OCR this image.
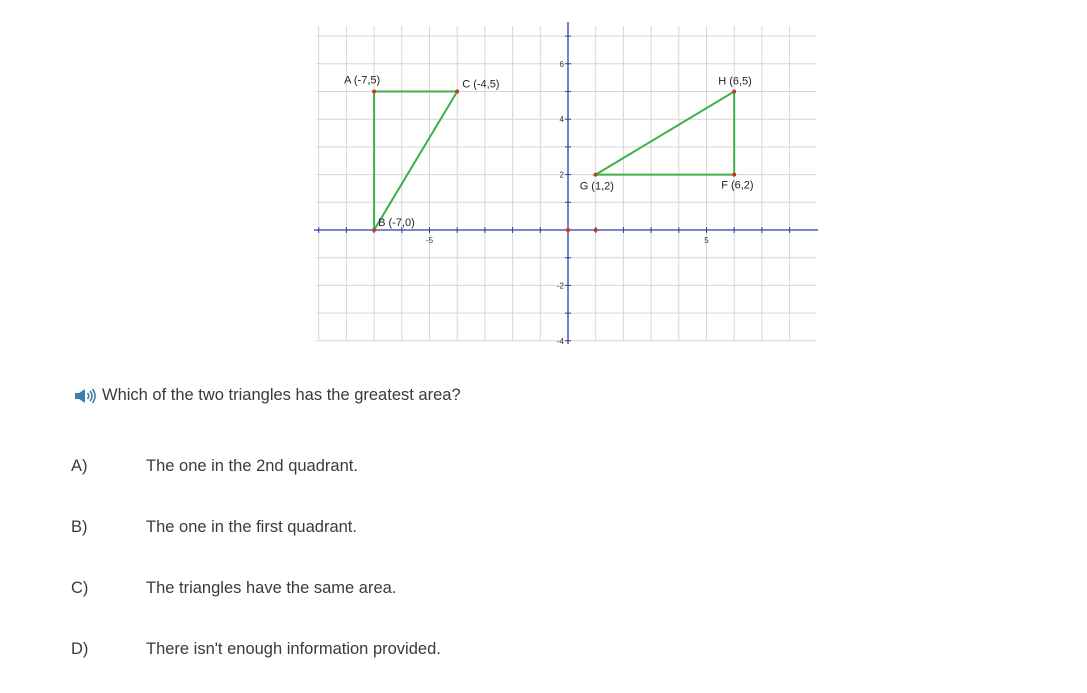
-5	5
6
4
2
-2
-4
A (-7,5)	C (-4,5)
B (-7,0)
H (6,5)
G (1,2)	F (6,2)
Which of the two triangles has the greatest area?
A)	The one in the 2nd quadrant.
B)	The one in the first quadrant.
C)	The triangles have the same area.
D)	There isn't enough information provided.
